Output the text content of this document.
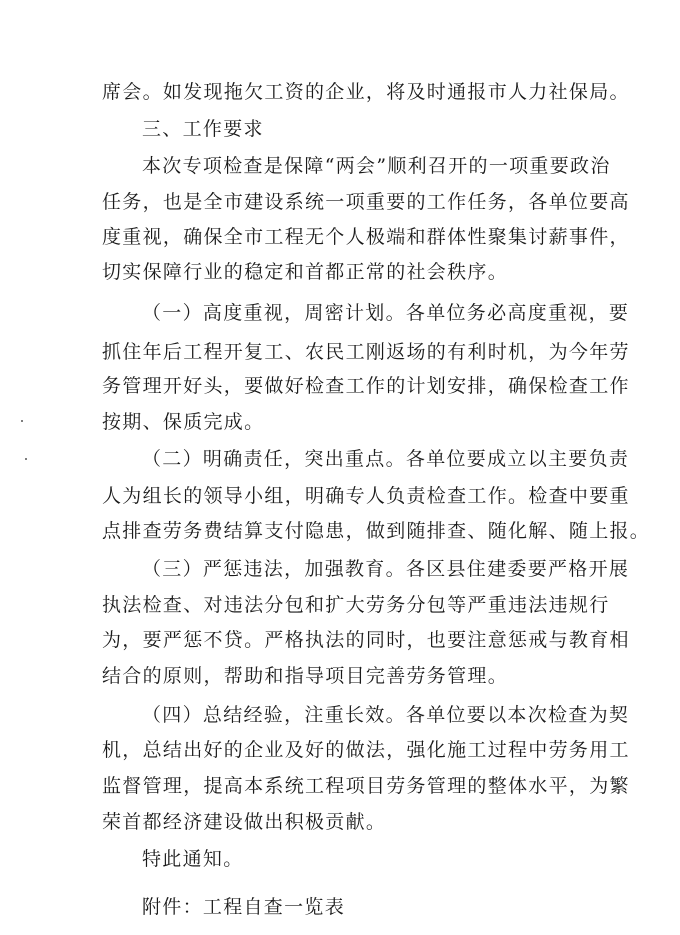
席会。如发现拖欠工资的企业，将及时通报市人力社保局。
三、工作要求
本次专项检查是保障“两会”顺利召开的一项重要政治
任务，也是全市建设系统一项重要的工作任务，各单位要高
度重视，确保全市工程无个人极端和群体性聚集讨薪事件，
切实保障行业的稳定和首都正常的社会秩序。
（一）高度重视，周密计划。各单位务必高度重视，要
抓住年后工程开复工、农民工刚返场的有利时机，为今年劳
务管理开好头，要做好检查工作的计划安排，确保检查工作
按期、保质完成。
（二）明确责任，突出重点。各单位要成立以主要负责
人为组长的领导小组，明确专人负责检查工作。检查中要重
点排查劳务费结算支付隐患，做到随排查、随化解、随上报。
（三）严惩违法，加强教育。各区县住建委要严格开展
执法检查、对违法分包和扩大劳务分包等严重违法违规行
为，要严惩不贷。严格执法的同时，也要注意惩戒与教育相
结合的原则，帮助和指导项目完善劳务管理。
（四）总结经验，注重长效。各单位要以本次检查为契
机，总结出好的企业及好的做法，强化施工过程中劳务用工
监督管理，提高本系统工程项目劳务管理的整体水平，为繁
荣首都经济建设做出积极贡献。
特此通知。
附件：工程自查一览表
